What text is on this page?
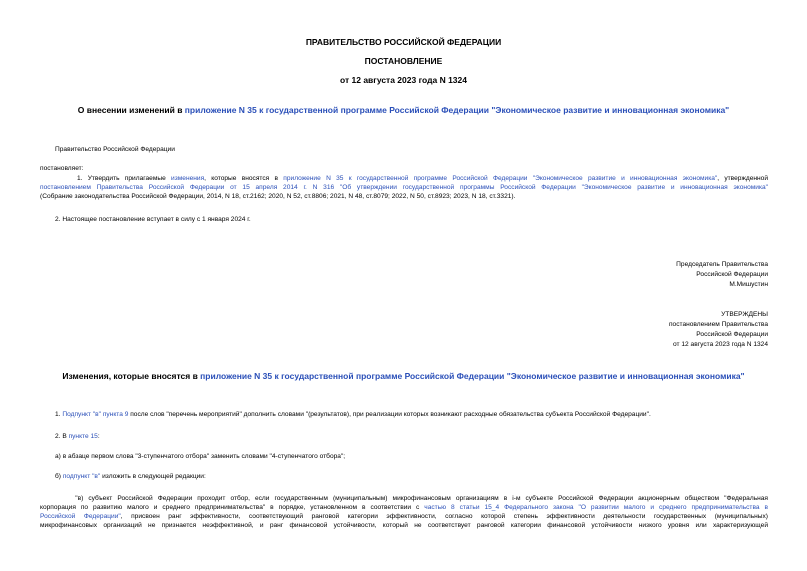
ПРАВИТЕЛЬСТВО РОССИЙСКОЙ ФЕДЕРАЦИИ
ПОСТАНОВЛЕНИЕ
от 12 августа 2023 года N 1324
О внесении изменений в приложение N 35 к государственной программе Российской Федерации "Экономическое развитие и инновационная экономика"
Правительство Российской Федерации
постановляет:
1. Утвердить прилагаемые изменения, которые вносятся в приложение N 35 к государственной программе Российской Федерации "Экономическое развитие и инновационная экономика", утвержденной
постановлением Правительства Российской Федерации от 15 апреля 2014 г. N 316 "Об утверждении государственной программы Российской Федерации "Экономическое развитие и инновационная экономика"
(Собрание законодательства Российской Федерации, 2014, N 18, ст.2162; 2020, N 52, ст.8806; 2021, N 48, ст.8079; 2022, N 50, ст.8923; 2023, N 18, ст.3321).
2. Настоящее постановление вступает в силу с 1 января 2024 г.
Председатель Правительства
Российской Федерации
М.Мишустин
УТВЕРЖДЕНЫ
постановлением Правительства
Российской Федерации
от 12 августа 2023 года N 1324
Изменения, которые вносятся в приложение N 35 к государственной программе Российской Федерации "Экономическое развитие и инновационная экономика"
1. Подпункт "в" пункта 9 после слов "перечень мероприятий" дополнить словами "(результатов), при реализации которых возникают расходные обязательства субъекта Российской Федерации".
2. В пункте 15:
а) в абзаце первом слова "3-ступенчатого отбора" заменить словами "4-ступенчатого отбора";
б) подпункт "в" изложить в следующей редакции:
"в) субъект Российской Федерации проходит отбор, если государственным (муниципальным) микрофинансовым организациям в i-м субъекте Российской Федерации акционерным обществом "Федеральная
корпорация по развитию малого и среднего предпринимательства" в порядке, установленном в соответствии с частью 8 статьи 15_4 Федерального закона "О развитии малого и среднего предпринимательства в
Российской Федерации", присвоен ранг эффективности, соответствующий ранговой категории эффективности, согласно которой степень эффективности деятельности государственных (муниципальных)
микрофинансовых организаций не признается неэффективной, и ранг финансовой устойчивости, который не соответствует ранговой категории финансовой устойчивости низкого уровня или характеризующей
